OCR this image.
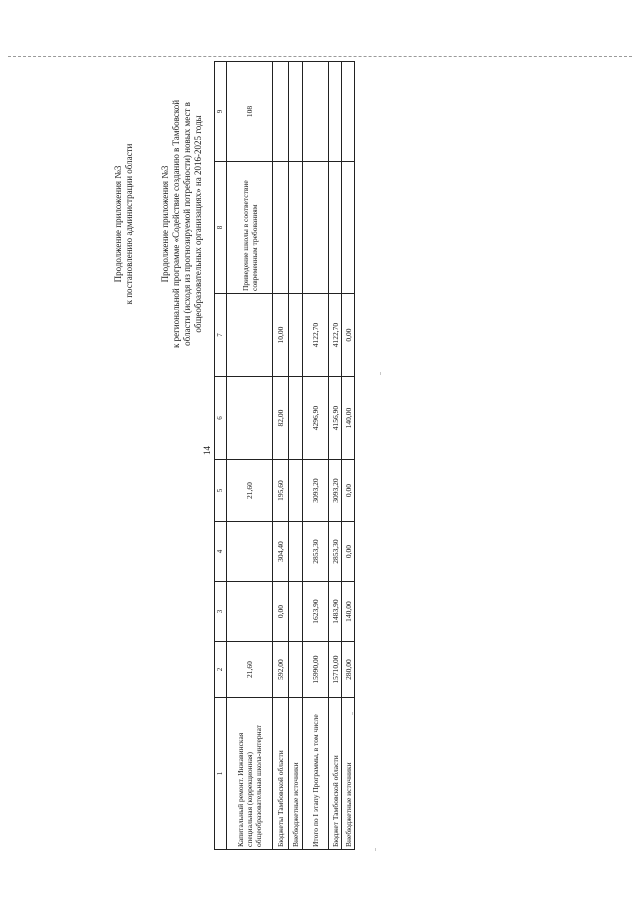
14
Продолжение приложения №3 к постановлению администрации области	Продолжение приложения №3 к региональной программе «Содействие созданию в Тамбовской области (исходя из прогнозируемой потребности) новых мест в общеобразовательных организациях» на 2016-2025 годы
1	2	3	4	5	6	7	8	9
Капитальный ремонт. Инжавинская специальная (коррекционная) общеобразовательная школа-интернат	21,60			21,60			Приведение школы в соответствие современным требованиям	108
Бюджеты Тамбовской области	592,00	0,00	304,40	195,60	82,00	10,00		
Внебюджетные источники								
Итого по I этапу Программы, в том числе	15990,00	1623,90	2853,30	3093,20	4296,90	4122,70		
Бюджет Тамбовской области	15710,00	1483,90	2853,30	3093,20	4156,90	4122,70		
Внебюджетные источники	280,00	140,00	0,00	0,00	140,00	0,00		
